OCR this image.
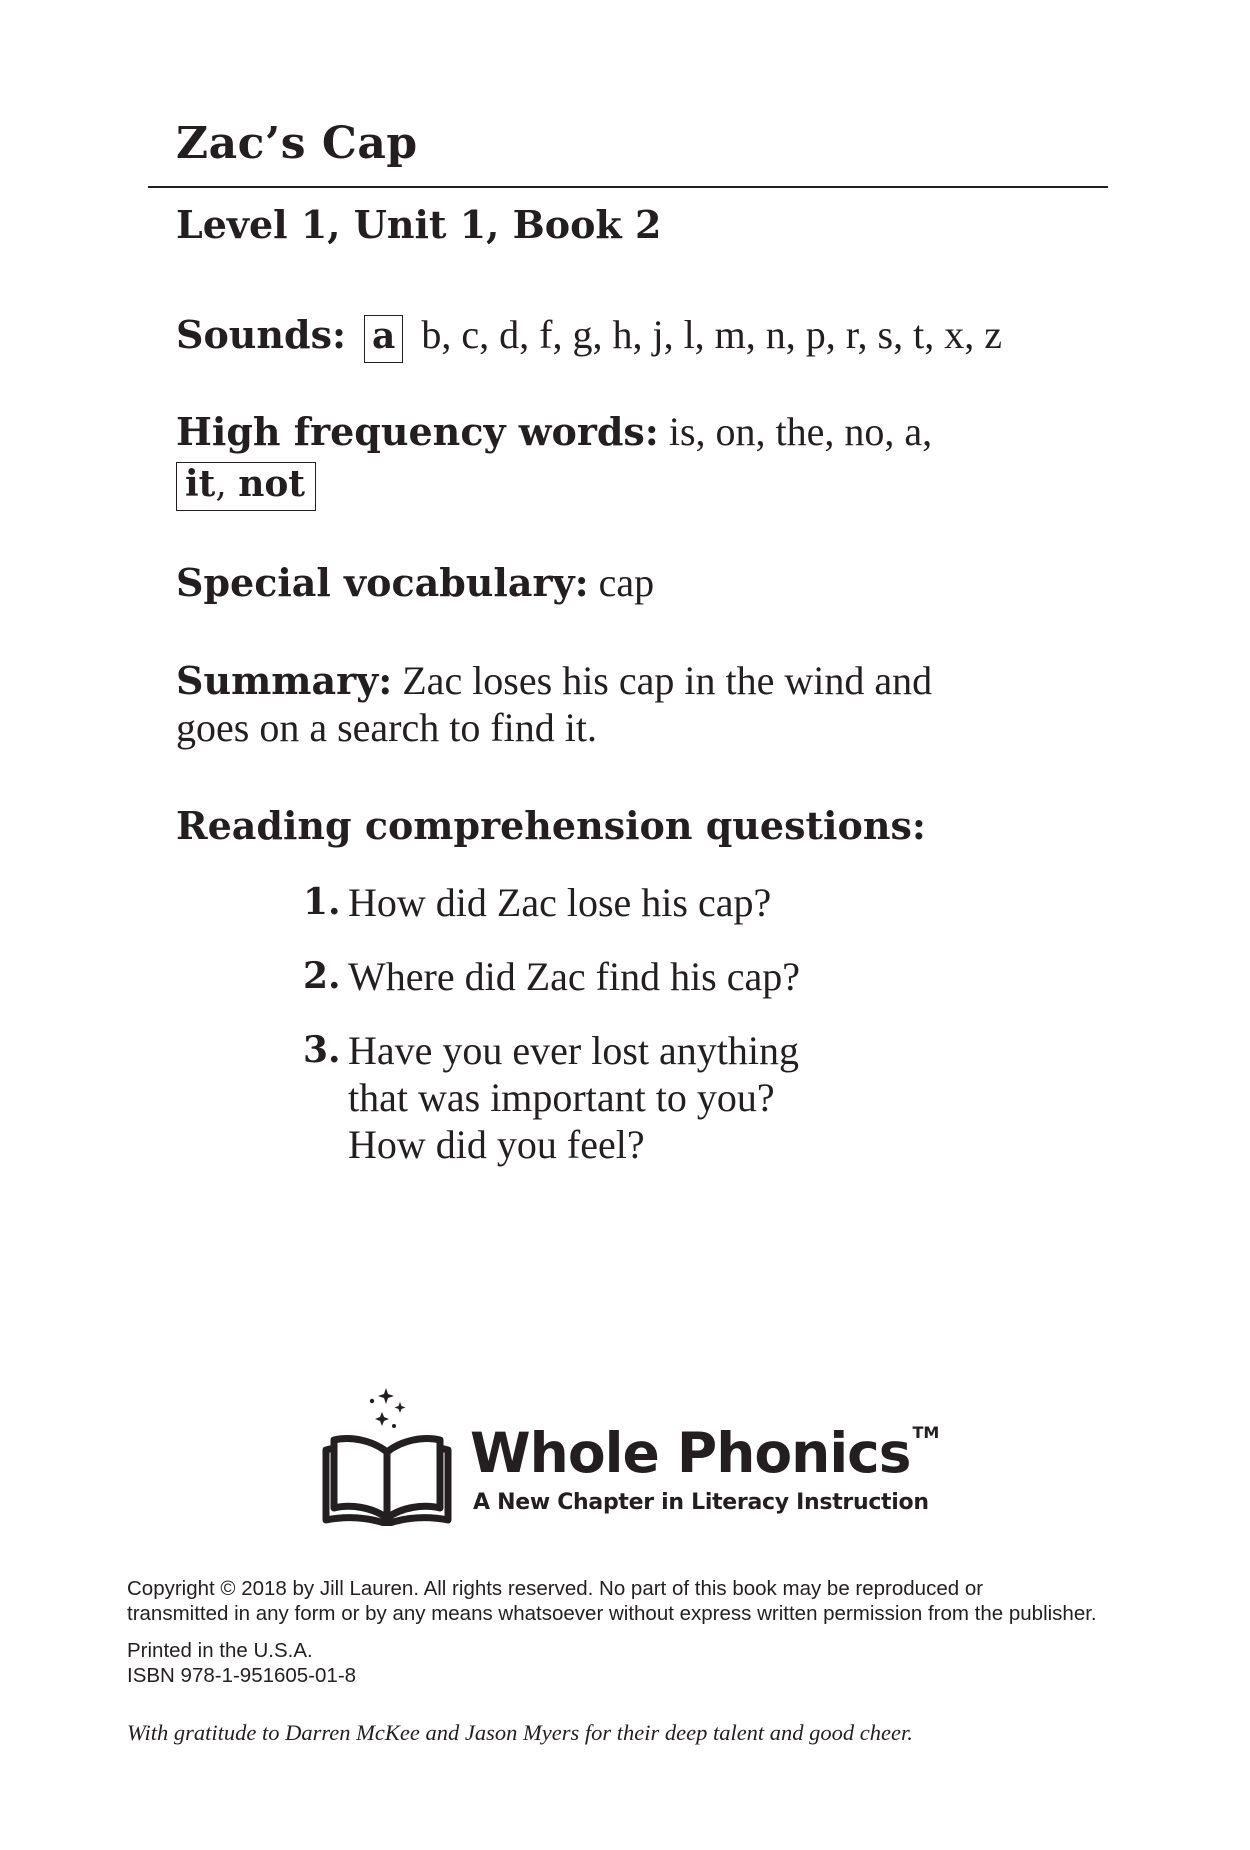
Zac’s Cap
Level 1, Unit 1, Book 2
Sounds: a b, c, d, f, g, h, j, l, m, n, p, r, s, t, x, z
High frequency words: is, on, the, no, a,
it, not
Special vocabulary: cap
Summary: Zac loses his cap in the wind and
goes on a search to find it.
Reading comprehension questions:
1. How did Zac lose his cap?
2. Where did Zac find his cap?
3. Have you ever lost anything
that was important to you?
How did you feel?
Whole Phonics ™
A New Chapter in Literacy Instruction
Copyright © 2018 by Jill Lauren. All rights reserved. No part of this book may be reproduced or
transmitted in any form or by any means whatsoever without express written permission from the publisher.
Printed in the U.S.A.
ISBN 978-1-951605-01-8
With gratitude to Darren McKee and Jason Myers for their deep talent and good cheer.
